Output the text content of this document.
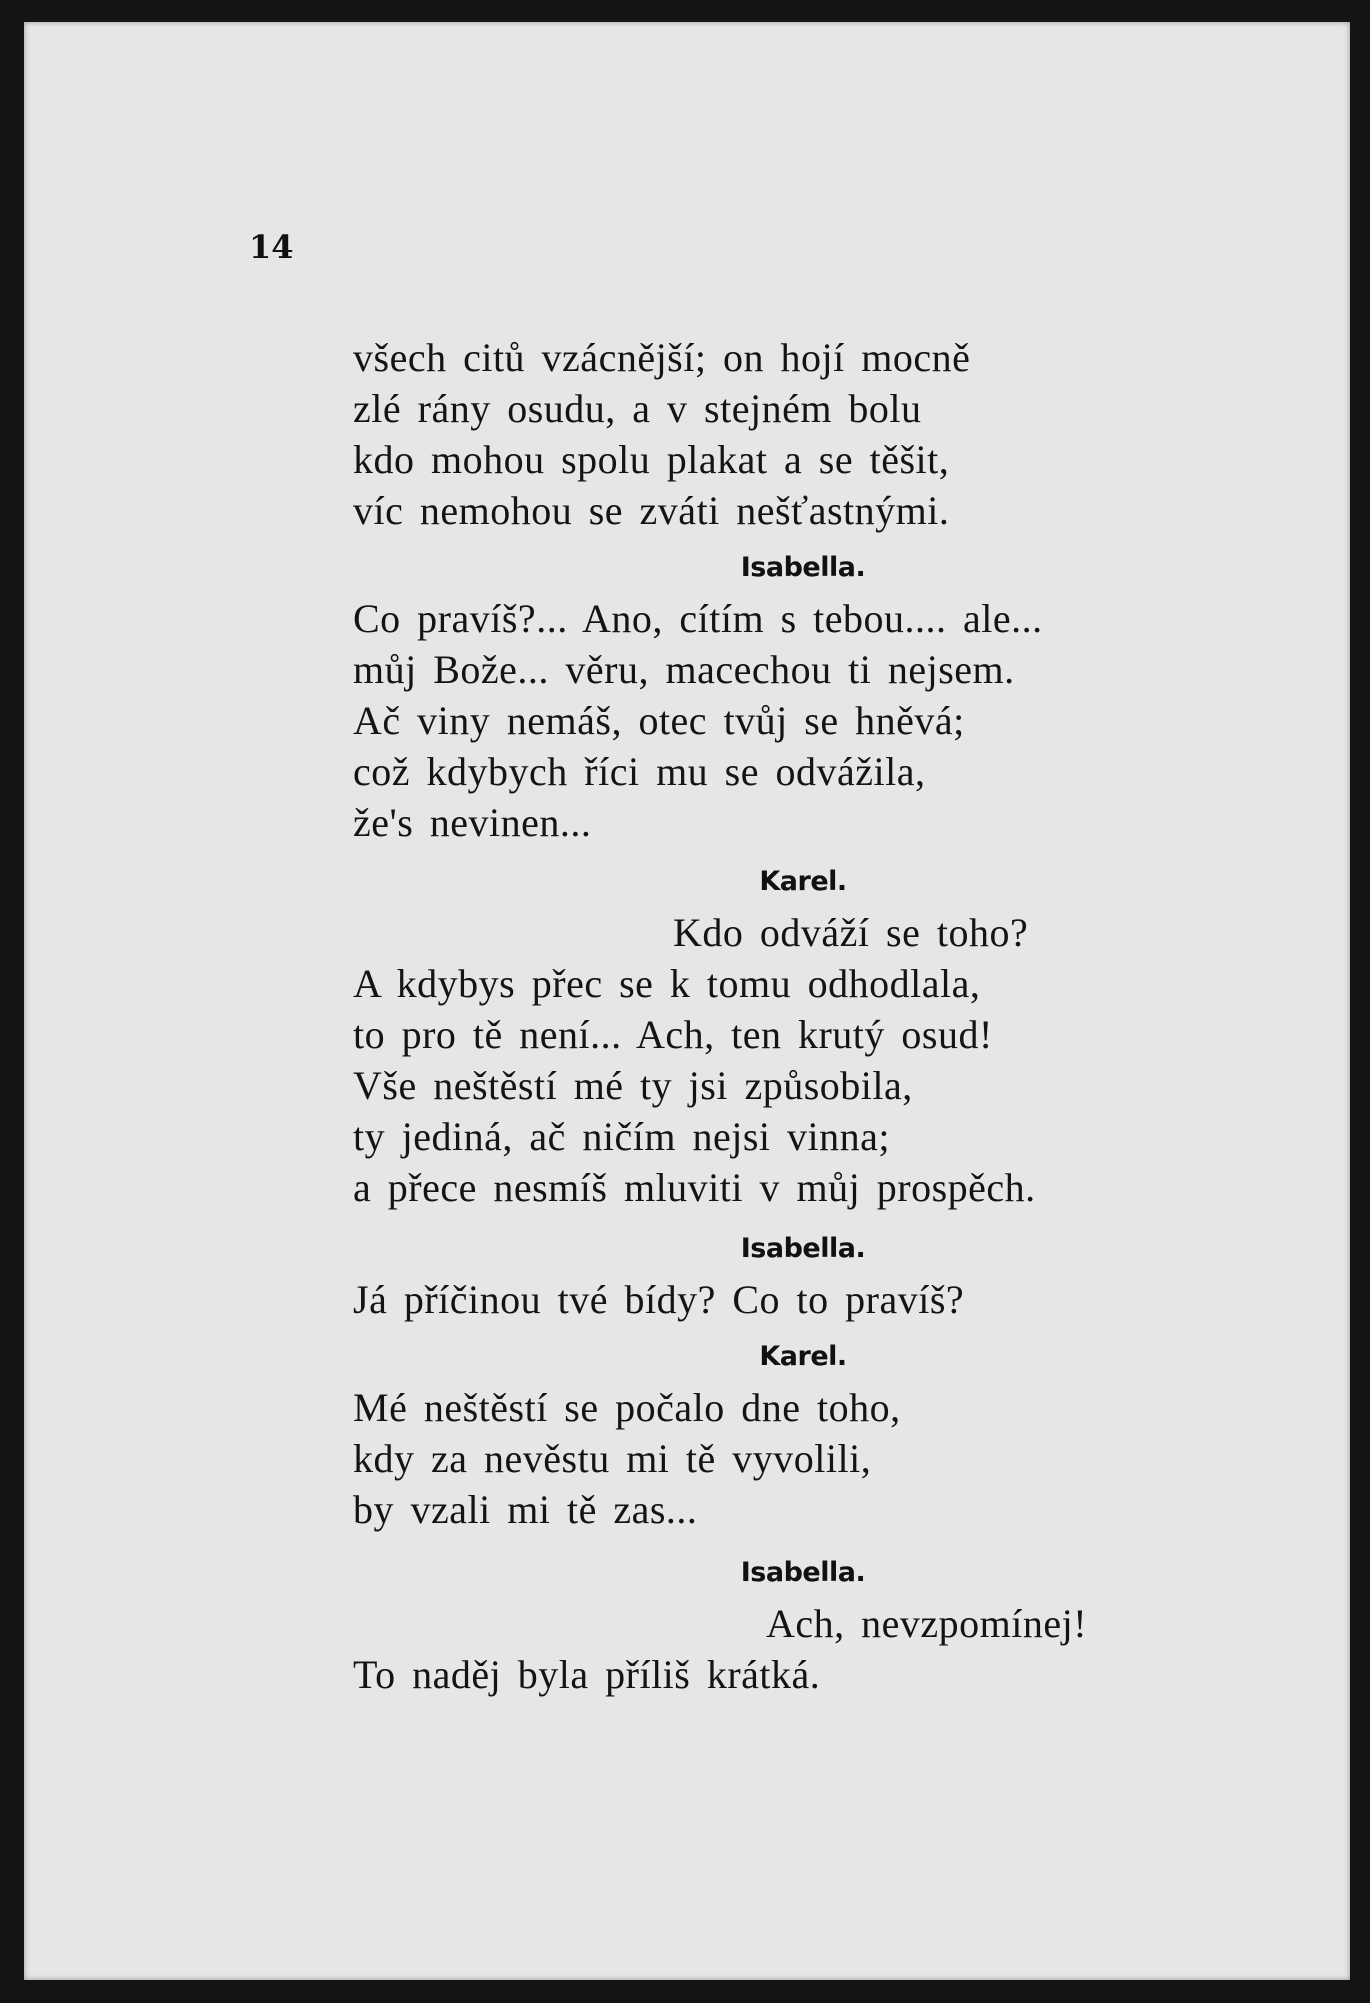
14

všech citů vzácnější; on hojí mocně
zlé rány osudu, a v stejném bolu
kdo mohou spolu plakat a se těšit,
víc nemohou se zváti nešťastnými.
Isabella.
Co pravíš?... Ano, cítím s tebou.... ale...
můj Bože... věru, macechou ti nejsem.
Ač viny nemáš, otec tvůj se hněvá;
což kdybych říci mu se odvážila,
že's nevinen...
Karel.
Kdo odváží se toho?
A kdybys přec se k tomu odhodlala,
to pro tě není... Ach, ten krutý osud!
Vše neštěstí mé ty jsi způsobila,
ty jediná, ač ničím nejsi vinna;
a přece nesmíš mluviti v můj prospěch.
Isabella.
Já příčinou tvé bídy? Co to pravíš?
Karel.
Mé neštěstí se počalo dne toho,
kdy za nevěstu mi tě vyvolili,
by vzali mi tě zas...
Isabella.
Ach, nevzpomínej!
To naděj byla příliš krátká.
